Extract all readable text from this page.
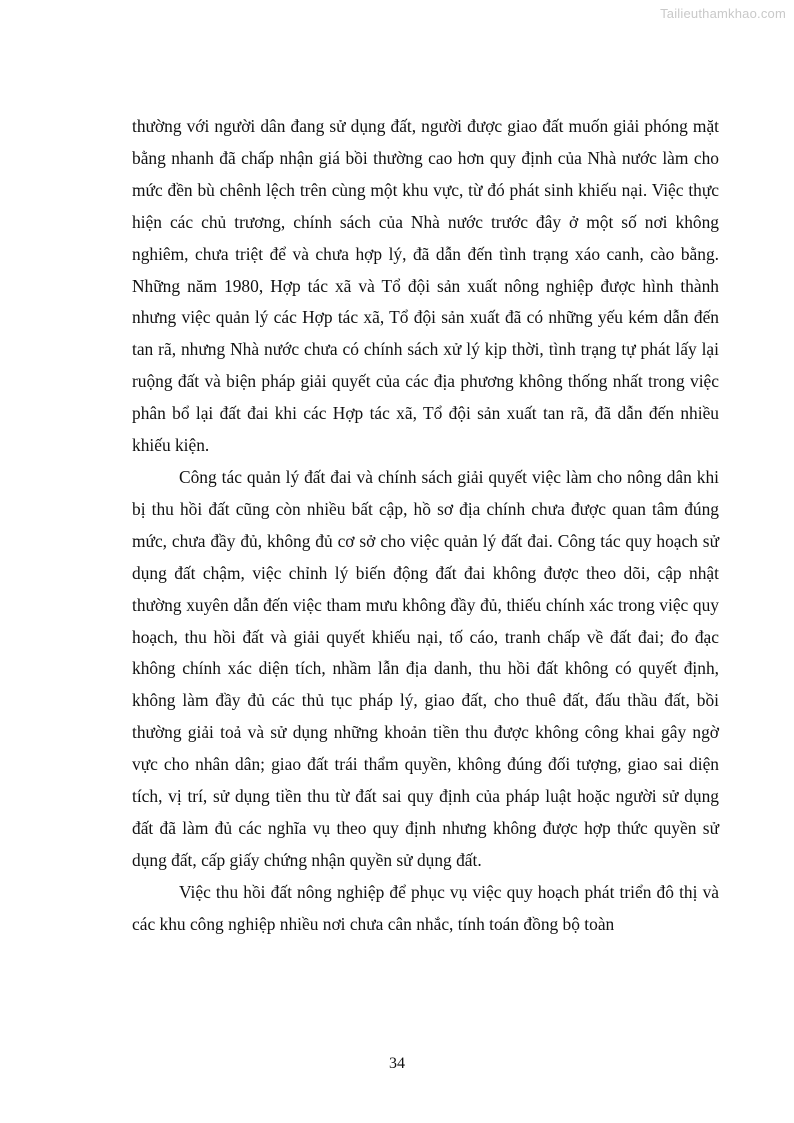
Tailieuthamkhao.com

thường với người dân đang sử dụng đất, người được giao đất muốn giải phóng mặt bằng nhanh đã chấp nhận giá bồi thường cao hơn quy định của Nhà nước làm cho mức đền bù chênh lệch trên cùng một khu vực, từ đó phát sinh khiếu nại. Việc thực hiện các chủ trương, chính sách của Nhà nước trước đây ở một số nơi không nghiêm, chưa triệt để và chưa hợp lý, đã dẫn đến tình trạng xáo canh, cào bằng. Những năm 1980, Hợp tác xã và Tổ đội sản xuất nông nghiệp được hình thành nhưng việc quản lý các Hợp tác xã, Tổ đội sản xuất đã có những yếu kém dẫn đến tan rã, nhưng Nhà nước chưa có chính sách xử lý kịp thời, tình trạng tự phát lấy lại ruộng đất và biện pháp giải quyết của các địa phương không thống nhất trong việc phân bổ lại đất đai khi các Hợp tác xã, Tổ đội sản xuất tan rã, đã dẫn đến nhiều khiếu kiện.

Công tác quản lý đất đai và chính sách giải quyết việc làm cho nông dân khi bị thu hồi đất cũng còn nhiều bất cập, hồ sơ địa chính chưa được quan tâm đúng mức, chưa đầy đủ, không đủ cơ sở cho việc quản lý đất đai. Công tác quy hoạch sử dụng đất chậm, việc chỉnh lý biến động đất đai không được theo dõi, cập nhật thường xuyên dẫn đến việc tham mưu không đầy đủ, thiếu chính xác trong việc quy hoạch, thu hồi đất và giải quyết khiếu nại, tố cáo, tranh chấp về đất đai; đo đạc không chính xác diện tích, nhầm lẫn địa danh, thu hồi đất không có quyết định, không làm đầy đủ các thủ tục pháp lý, giao đất, cho thuê đất, đấu thầu đất, bồi thường giải toả và sử dụng những khoản tiền thu được không công khai gây ngờ vực cho nhân dân; giao đất trái thẩm quyền, không đúng đối tượng, giao sai diện tích, vị trí, sử dụng tiền thu từ đất sai quy định của pháp luật hoặc người sử dụng đất đã làm đủ các nghĩa vụ theo quy định nhưng không được hợp thức quyền sử dụng đất, cấp giấy chứng nhận quyền sử dụng đất.

Việc thu hồi đất nông nghiệp để phục vụ việc quy hoạch phát triển đô thị và các khu công nghiệp nhiều nơi chưa cân nhắc, tính toán đồng bộ toàn

34
